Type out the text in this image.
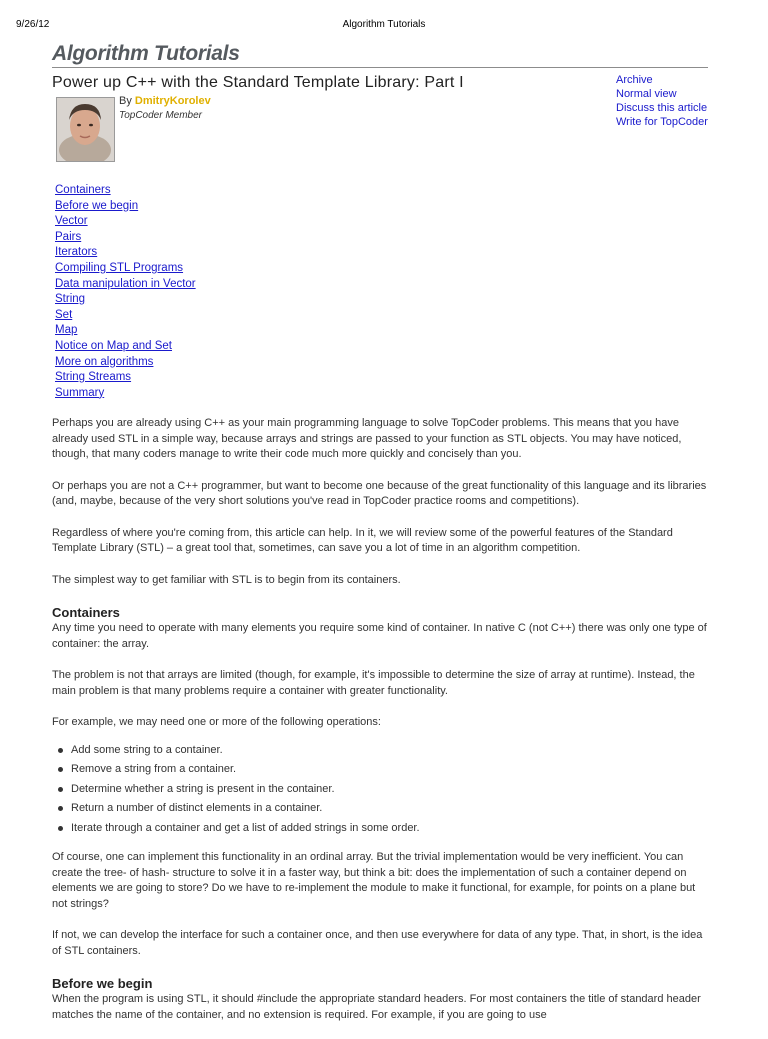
9/26/12	Algorithm Tutorials
Algorithm Tutorials
Power up C++ with the Standard Template Library: Part I
By DmitryKorolev
TopCoder Member
Archive
Normal view
Discuss this article
Write for TopCoder
Containers
Before we begin
Vector
Pairs
Iterators
Compiling STL Programs
Data manipulation in Vector
String
Set
Map
Notice on Map and Set
More on algorithms
String Streams
Summary

Perhaps you are already using C++ as your main programming language to solve TopCoder problems. This means that you have already used STL in a simple way, because arrays and strings are passed to your function as STL objects. You may have noticed, though, that many coders manage to write their code much more quickly and concisely than you.

Or perhaps you are not a C++ programmer, but want to become one because of the great functionality of this language and its libraries (and, maybe, because of the very short solutions you've read in TopCoder practice rooms and competitions).

Regardless of where you're coming from, this article can help. In it, we will review some of the powerful features of the Standard Template Library (STL) – a great tool that, sometimes, can save you a lot of time in an algorithm competition.

The simplest way to get familiar with STL is to begin from its containers.

Containers

Any time you need to operate with many elements you require some kind of container. In native C (not C++) there was only one type of container: the array.

The problem is not that arrays are limited (though, for example, it's impossible to determine the size of array at runtime). Instead, the main problem is that many problems require a container with greater functionality.

For example, we may need one or more of the following operations:

Add some string to a container.
Remove a string from a container.
Determine whether a string is present in the container.
Return a number of distinct elements in a container.
Iterate through a container and get a list of added strings in some order.

Of course, one can implement this functionality in an ordinal array. But the trivial implementation would be very inefficient. You can create the tree- of hash- structure to solve it in a faster way, but think a bit: does the implementation of such a container depend on elements we are going to store? Do we have to re-implement the module to make it functional, for example, for points on a plane but not strings?

If not, we can develop the interface for such a container once, and then use everywhere for data of any type. That, in short, is the idea of STL containers.

Before we begin

When the program is using STL, it should #include the appropriate standard headers. For most containers the title of standard header matches the name of the container, and no extension is required. For example, if you are going to use
